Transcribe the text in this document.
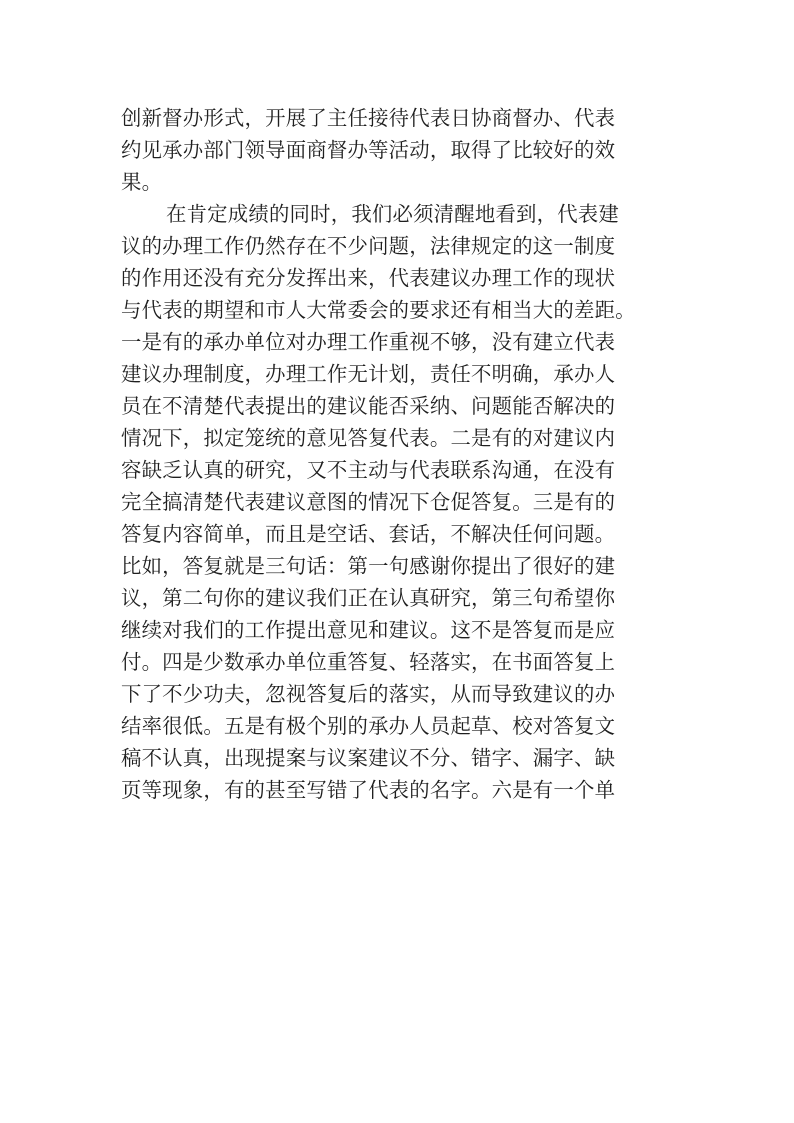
创新督办形式，开展了主任接待代表日协商督办、代表
约见承办部门领导面商督办等活动，取得了比较好的效
果。
在肯定成绩的同时，我们必须清醒地看到，代表建
议的办理工作仍然存在不少问题，法律规定的这一制度
的作用还没有充分发挥出来，代表建议办理工作的现状
与代表的期望和市人大常委会的要求还有相当大的差距。
一是有的承办单位对办理工作重视不够，没有建立代表
建议办理制度，办理工作无计划，责任不明确，承办人
员在不清楚代表提出的建议能否采纳、问题能否解决的
情况下，拟定笼统的意见答复代表。二是有的对建议内
容缺乏认真的研究，又不主动与代表联系沟通，在没有
完全搞清楚代表建议意图的情况下仓促答复。三是有的
答复内容简单，而且是空话、套话，不解决任何问题。
比如，答复就是三句话：第一句感谢你提出了很好的建
议，第二句你的建议我们正在认真研究，第三句希望你
继续对我们的工作提出意见和建议。这不是答复而是应
付。四是少数承办单位重答复、轻落实，在书面答复上
下了不少功夫，忽视答复后的落实，从而导致建议的办
结率很低。五是有极个别的承办人员起草、校对答复文
稿不认真，出现提案与议案建议不分、错字、漏字、缺
页等现象，有的甚至写错了代表的名字。六是有一个单
